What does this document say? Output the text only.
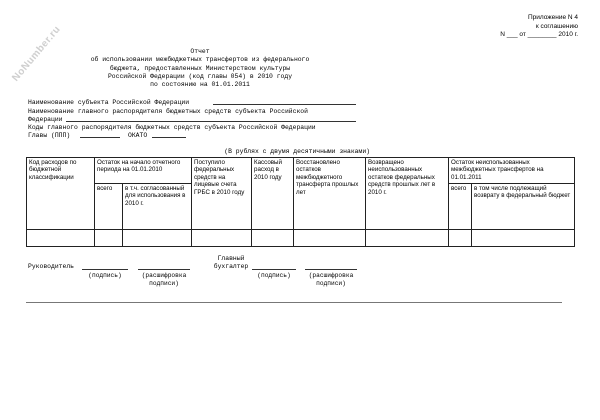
NoNumber.ru
Приложение N 4
к соглашению
N ___ от ________ 2010 г.
Отчет
об использовании межбюджетных трансфертов из федерального
бюджета, предоставленных Министерством культуры
Российской Федерации (код главы 054) в 2010 году
по состоянию на 01.01.2011
Наименование субъекта Российской Федерации
Наименование главного распорядителя бюджетных средств субъекта Российской
Федерации
Коды главного распорядителя бюджетных средств субъекта Российской Федерации
Главы (ППП)	ОКАТО
(В рублях с двумя десятичными знаками)
Код расходов по бюджетной классификации	Остаток на начало отчетного периода на 01.01.2010		Поступило федеральных средств на лицевые счета ГРБС в 2010 году	Кассовый расход в 2010 году	Восстановлено остатков межбюджетного трансферта прошлых лет	Возвращено неиспользованных остатков федеральных средств прошлых лет в 2010 г.	Остаток неиспользованных межбюджетных трансфертов на 01.01.2011	
	всего	в т.ч. согласованный для использования в 2010 г.					всего	в том числе подлежащий возврату в федеральный бюджет

Руководитель
(подпись)	(расшифровка
подписи)
Главный
бухгалтер
(подпись)	(расшифровка
подписи)
